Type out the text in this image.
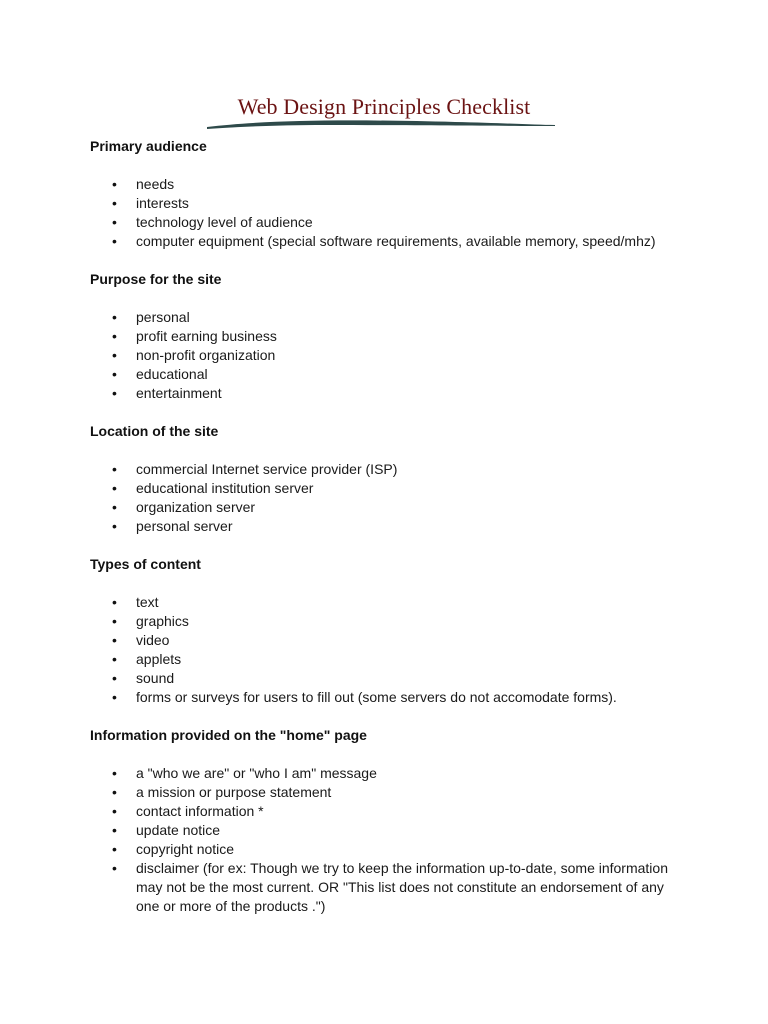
Web Design Principles Checklist
Primary audience
• needs
• interests
• technology level of audience
• computer equipment (special software requirements, available memory, speed/mhz)
Purpose for the site
• personal
• profit earning business
• non-profit organization
• educational
• entertainment
Location of the site
• commercial Internet service provider (ISP)
• educational institution server
• organization server
• personal server
Types of content
• text
• graphics
• video
• applets
• sound
• forms or surveys for users to fill out (some servers do not accomodate forms).
Information provided on the "home" page
• a "who we are" or "who I am" message
• a mission or purpose statement
• contact information *
• update notice
• copyright notice
• disclaimer (for ex: Though we try to keep the information up-to-date, some information may not be the most current. OR "This list does not constitute an endorsement of any one or more of the products .")
